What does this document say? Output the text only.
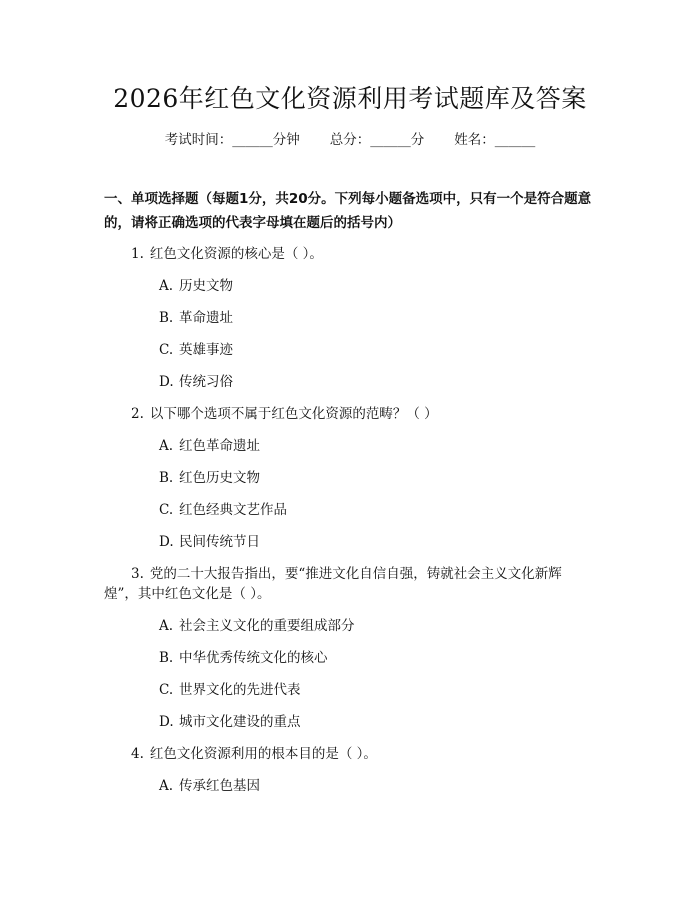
2026年红色文化资源利用考试题库及答案
考试时间：______分钟 总分：______分 姓名：______
一、单项选择题（每题1分，共20分。下列每小题备选项中，只有一个是符合题意的，请将正确选项的代表字母填在题后的括号内）
1. 红色文化资源的核心是（ ）。
A. 历史文物
B. 革命遗址
C. 英雄事迹
D. 传统习俗
2. 以下哪个选项不属于红色文化资源的范畴？（ ）
A. 红色革命遗址
B. 红色历史文物
C. 红色经典文艺作品
D. 民间传统节日
3. 党的二十大报告指出，要“推进文化自信自强，铸就社会主义文化新辉
煌”，其中红色文化是（ ）。
A. 社会主义文化的重要组成部分
B. 中华优秀传统文化的核心
C. 世界文化的先进代表
D. 城市文化建设的重点
4. 红色文化资源利用的根本目的是（ ）。
A. 传承红色基因
